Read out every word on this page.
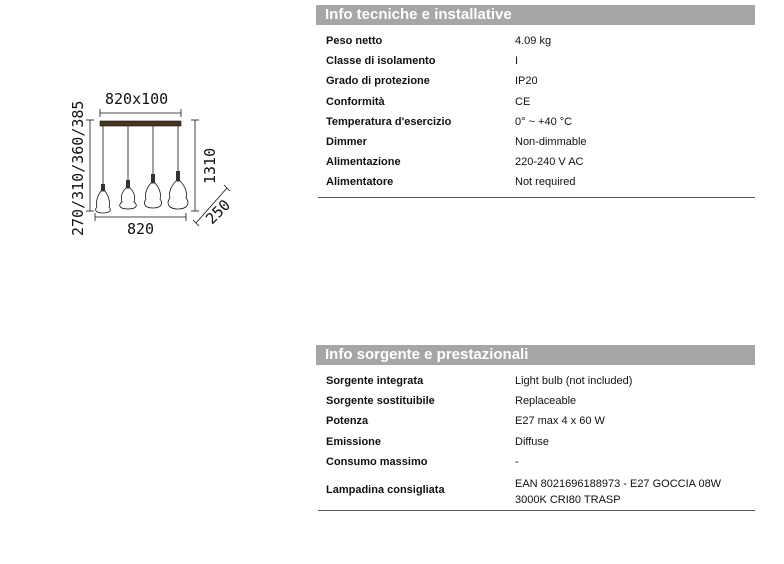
820x100
820
270/310/360/385	1310
250
Info tecniche e installative
Peso netto	4.09 kg
Classe di isolamento	I
Grado di protezione	IP20
Conformità	CE
Temperatura d'esercizio	0° ~ +40 °C
Dimmer	Non-dimmable
Alimentazione	220-240 V AC
Alimentatore	Not required
Info sorgente e prestazionali
Sorgente integrata	Light bulb (not included)
Sorgente sostituibile	Replaceable
Potenza	E27 max 4 x 60 W
Emissione	Diffuse
Consumo massimo	-
Lampadina consigliata	EAN 8021696188973 - E27 GOCCIA 08W
3000K CRI80 TRASP
